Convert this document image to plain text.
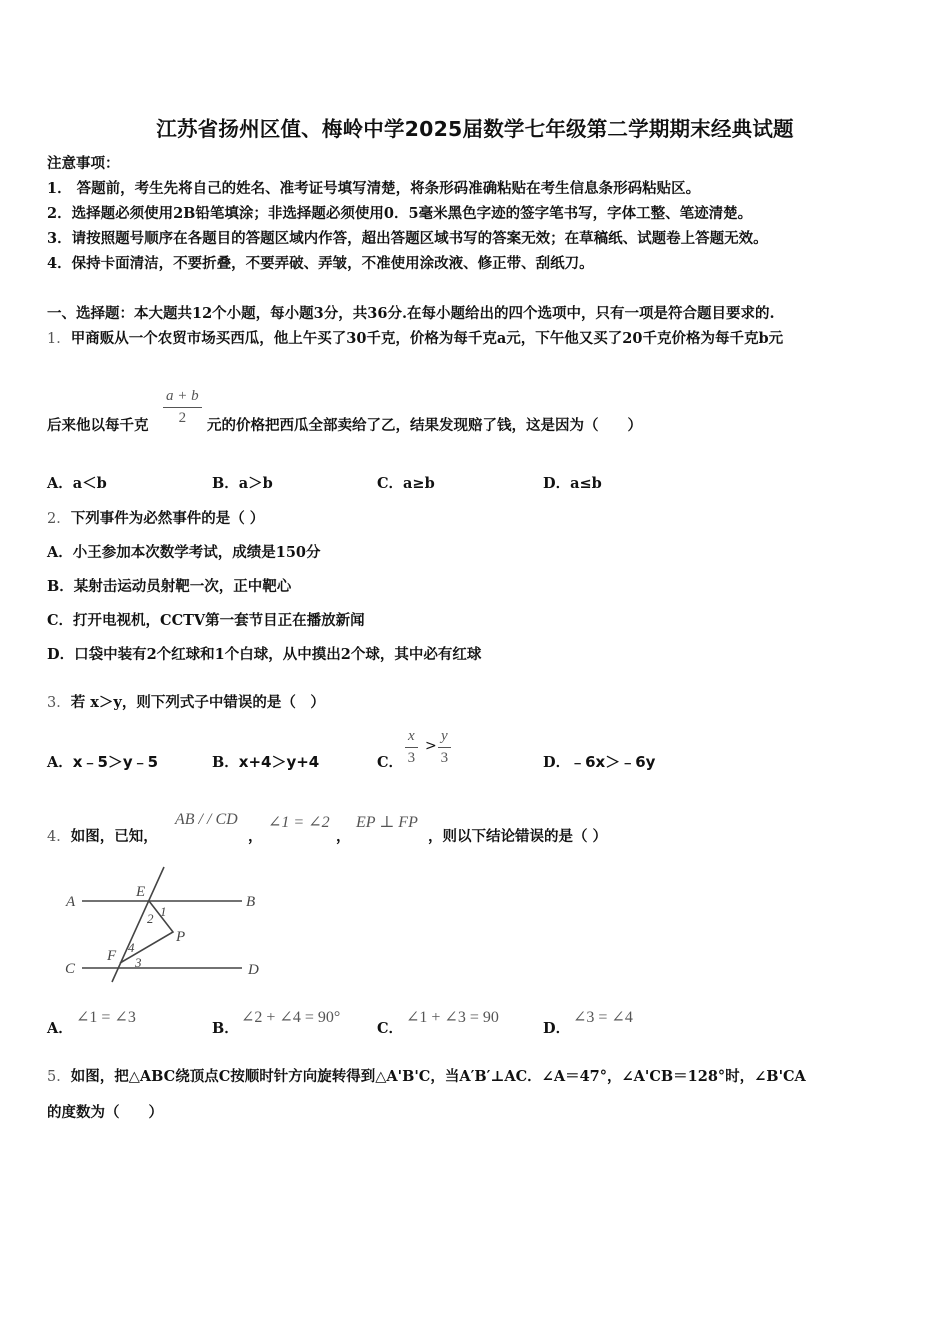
江苏省扬州区值、梅岭中学2025届数学七年级第二学期期末经典试题
注意事项：
1． 答题前，考生先将自己的姓名、准考证号填写清楚，将条形码准确粘贴在考生信息条形码粘贴区。
2．选择题必须使用2B铅笔填涂；非选择题必须使用0．5毫米黑色字迹的签字笔书写，字体工整、笔迹清楚。
3．请按照题号顺序在各题目的答题区域内作答，超出答题区域书写的答案无效；在草稿纸、试题卷上答题无效。
4．保持卡面清洁，不要折叠，不要弄破、弄皱，不准使用涂改液、修正带、刮纸刀。
一、选择题：本大题共12个小题，每小题3分，共36分.在每小题给出的四个选项中，只有一项是符合题目要求的.
1．甲商贩从一个农贸市场买西瓜，他上午买了30千克，价格为每千克a元，下午他又买了20千克价格为每千克b元
后来他以每千克 $\frac{a + b}{2}$ 元的价格把西瓜全部卖给了乙，结果发现赔了钱，这是因为（　　）
A．a＜b	B．a＞b	C．a≥b	D．a≤b
2．下列事件为必然事件的是（ ）
A．小王参加本次数学考试，成绩是150分
B．某射击运动员射靶一次，正中靶心
C．打开电视机，CCTV第一套节目正在播放新闻
D．口袋中装有2个红球和1个白球，从中摸出2个球，其中必有红球
3．若 x＞y，则下列式子中错误的是（　）
A．x﹣5＞y﹣5	B．x+4＞y+4	C． $\frac{x}{3} > \frac{y}{3}$	D．﹣6x＞﹣6y
4．如图，已知，
AB / / CD
，
∠1 = ∠2
，
EP ⊥ FP
，则以下结论错误的是（ ）
A
E
B
2 1
P
C
F
4
3	D
A．
∠1 = ∠3
B．
∠2 + ∠4 = 90°
C．
∠1 + ∠3 = 90
D．
∠3 = ∠4
5．如图，把△ABC绕顶点C按顺时针方向旋转得到△A'B'C，当A′B′⊥AC．∠A＝47°，∠A'CB＝128°时，∠B'CA
的度数为（　　）
